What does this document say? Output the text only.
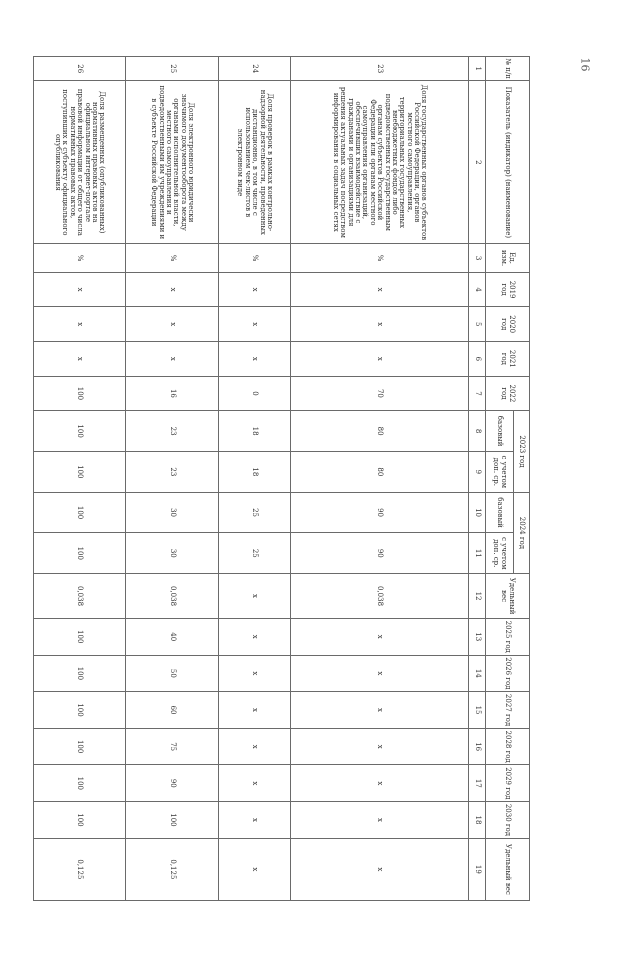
16
№ п/п	Показатель (индикатор) (наименование)	Ед. изм.	2019 год	2020 год	2021 год	2022 год	2023 год		2024 год		Удельный вес	2025 год	2026 год	2027 год	2028 год	2029 год	2030 год	Удельный вес
							базовый	с учетом доп. ср.	базовый	с учетом доп. ср.								
1	2	3	4	5	6	7	8	9	10	11	12	13	14	15	16	17	18	19
23	Доля государственных органов субъектов Российской Федерации, органов местного самоуправления, территориальных государственных внебюджетных фондов либо подведомственных государственным органам субъектов Российской Федерации или органам местного самоуправления организаций, обеспечивших взаимодействие с гражданами и организациями для решения актуальных задач посредством информирования в социальных сетях	%	х	х	х	70	80	80	90	90	0,038	х	х	х	х	х	х	х
24	Доля проверок в рамках контрольно-надзорной деятельности, проведенных дистанционно, в том числе с использованием чек-листов в электронном виде	%	х	х	х	0	18	18	25	25	х	х	х	х	х	х	х	х
25	Доля электронного юридически значимого документооборота между органами исполнительной власти, местного самоуправления и подведомственными им учреждениями и в субъекте Российской Федерации	%	х	х	х	16	23	23	30	30	0,038	40	50	60	75	90	100	0,125
26	Доля размещенных (опубликованных) нормативных правовых актов на официальном интернет-портале правовой информации от общего числа нормативных правовых актов, поступивших к субъекту официального опубликования	%	х	х	х	100	100	100	100	100	0,038	100	100	100	100	100	100	0,125
